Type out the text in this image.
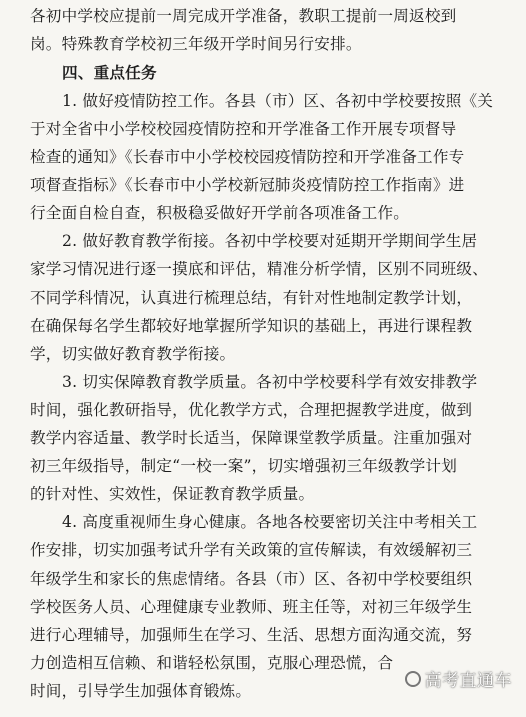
各初中学校应提前一周完成开学准备，教职工提前一周返校到
岗。特殊教育学校初三年级开学时间另行安排。
四、重点任务
1. 做好疫情防控工作。各县（市）区、各初中学校要按照《关
于对全省中小学校校园疫情防控和开学准备工作开展专项督导
检查的通知》《长春市中小学校校园疫情防控和开学准备工作专
项督查指标》《长春市中小学校新冠肺炎疫情防控工作指南》进
行全面自检自查，积极稳妥做好开学前各项准备工作。
2. 做好教育教学衔接。各初中学校要对延期开学期间学生居
家学习情况进行逐一摸底和评估，精准分析学情，区别不同班级、
不同学科情况，认真进行梳理总结，有针对性地制定教学计划，
在确保每名学生都较好地掌握所学知识的基础上，再进行课程教
学，切实做好教育教学衔接。
3. 切实保障教育教学质量。各初中学校要科学有效安排教学
时间，强化教研指导，优化教学方式，合理把握教学进度，做到
教学内容适量、教学时长适当，保障课堂教学质量。注重加强对
初三年级指导，制定“一校一案”，切实增强初三年级教学计划
的针对性、实效性，保证教育教学质量。
4. 高度重视师生身心健康。各地各校要密切关注中考相关工
作安排，切实加强考试升学有关政策的宣传解读，有效缓解初三
年级学生和家长的焦虑情绪。各县（市）区、各初中学校要组织
学校医务人员、心理健康专业教师、班主任等，对初三年级学生
进行心理辅导，加强师生在学习、生活、思想方面沟通交流，努
力创造相互信赖、和谐轻松氛围，克服心理恐慌，合
时间，引导学生加强体育锻炼。	高考直通车
